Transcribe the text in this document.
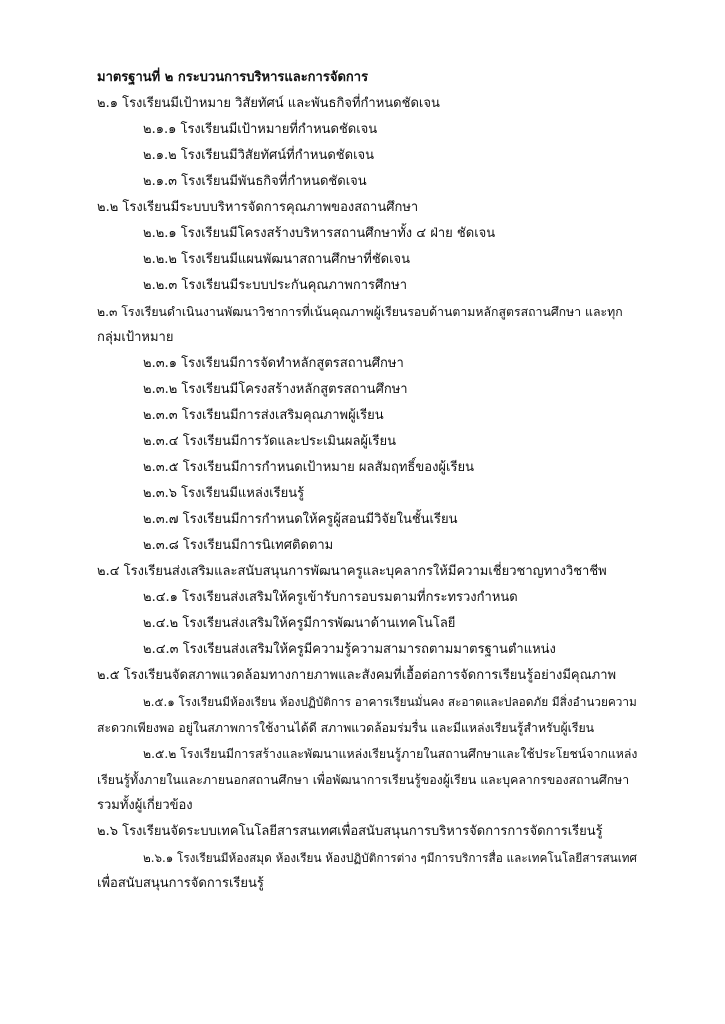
มาตรฐานที่ ๒ กระบวนการบริหารและการจัดการ
๒.๑ โรงเรียนมีเป้าหมาย วิสัยทัศน์ และพันธกิจที่กำหนดชัดเจน
๒.๑.๑ โรงเรียนมีเป้าหมายที่กำหนดชัดเจน
๒.๑.๒ โรงเรียนมีวิสัยทัศน์ที่กำหนดชัดเจน
๒.๑.๓ โรงเรียนมีพันธกิจที่กำหนดชัดเจน
๒.๒ โรงเรียนมีระบบบริหารจัดการคุณภาพของสถานศึกษา
๒.๒.๑ โรงเรียนมีโครงสร้างบริหารสถานศึกษาทั้ง ๔ ฝ่าย ชัดเจน
๒.๒.๒ โรงเรียนมีแผนพัฒนาสถานศึกษาที่ชัดเจน
๒.๒.๓ โรงเรียนมีระบบประกันคุณภาพการศึกษา
๒.๓ โรงเรียนดำเนินงานพัฒนาวิชาการที่เน้นคุณภาพผู้เรียนรอบด้านตามหลักสูตรสถานศึกษา และทุก
กลุ่มเป้าหมาย
๒.๓.๑ โรงเรียนมีการจัดทำหลักสูตรสถานศึกษา
๒.๓.๒ โรงเรียนมีโครงสร้างหลักสูตรสถานศึกษา
๒.๓.๓ โรงเรียนมีการส่งเสริมคุณภาพผู้เรียน
๒.๓.๔ โรงเรียนมีการวัดและประเมินผลผู้เรียน
๒.๓.๕ โรงเรียนมีการกำหนดเป้าหมาย ผลสัมฤทธิ์ของผู้เรียน
๒.๓.๖ โรงเรียนมีแหล่งเรียนรู้
๒.๓.๗ โรงเรียนมีการกำหนดให้ครูผู้สอนมีวิจัยในชั้นเรียน
๒.๓.๘ โรงเรียนมีการนิเทศติดตาม
๒.๔ โรงเรียนส่งเสริมและสนับสนุนการพัฒนาครูและบุคลากรให้มีความเชี่ยวชาญทางวิชาชีพ
๒.๔.๑ โรงเรียนส่งเสริมให้ครูเข้ารับการอบรมตามที่กระทรวงกำหนด
๒.๔.๒ โรงเรียนส่งเสริมให้ครูมีการพัฒนาด้านเทคโนโลยี
๒.๔.๓ โรงเรียนส่งเสริมให้ครูมีความรู้ความสามารถตามมาตรฐานตำแหน่ง
๒.๕ โรงเรียนจัดสภาพแวดล้อมทางกายภาพและสังคมที่เอื้อต่อการจัดการเรียนรู้อย่างมีคุณภาพ
๒.๕.๑ โรงเรียนมีห้องเรียน ห้องปฏิบัติการ อาคารเรียนมั่นคง สะอาดและปลอดภัย มีสิ่งอำนวยความ
สะดวกเพียงพอ อยู่ในสภาพการใช้งานได้ดี สภาพแวดล้อมร่มรื่น และมีแหล่งเรียนรู้สำหรับผู้เรียน
๒.๕.๒ โรงเรียนมีการสร้างและพัฒนาแหล่งเรียนรู้ภายในสถานศึกษาและใช้ประโยชน์จากแหล่ง
เรียนรู้ทั้งภายในและภายนอกสถานศึกษา เพื่อพัฒนาการเรียนรู้ของผู้เรียน และบุคลากรของสถานศึกษา
รวมทั้งผู้เกี่ยวข้อง
๒.๖ โรงเรียนจัดระบบเทคโนโลยีสารสนเทศเพื่อสนับสนุนการบริหารจัดการการจัดการเรียนรู้
๒.๖.๑ โรงเรียนมีห้องสมุด ห้องเรียน ห้องปฏิบัติการต่าง ๆมีการบริการสื่อ และเทคโนโลยีสารสนเทศ
เพื่อสนับสนุนการจัดการเรียนรู้
